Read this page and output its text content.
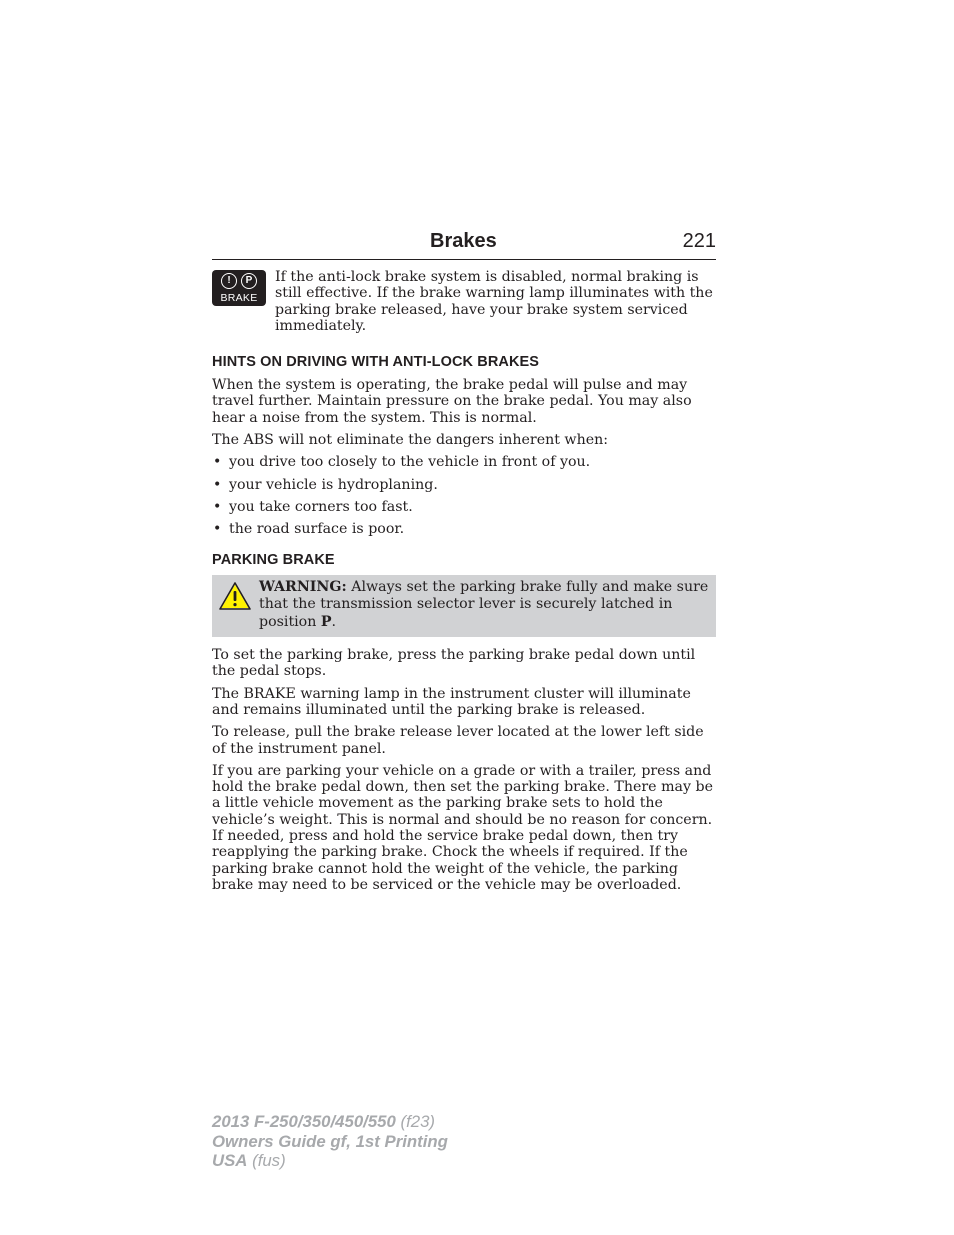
Brakes	221
! P
BRAKE

If the anti-lock brake system is disabled, normal braking is still effective. If the brake warning lamp illuminates with the parking brake released, have your brake system serviced immediately.

HINTS ON DRIVING WITH ANTI-LOCK BRAKES

When the system is operating, the brake pedal will pulse and may travel further. Maintain pressure on the brake pedal. You may also hear a noise from the system. This is normal.

The ABS will not eliminate the dangers inherent when:

• you drive too closely to the vehicle in front of you.
• your vehicle is hydroplaning.
• you take corners too fast.
• the road surface is poor.
PARKING BRAKE
WARNING: Always set the parking brake fully and make sure that the transmission selector lever is securely latched in position P.

To set the parking brake, press the parking brake pedal down until the pedal stops.

The BRAKE warning lamp in the instrument cluster will illuminate and remains illuminated until the parking brake is released.

To release, pull the brake release lever located at the lower left side of the instrument panel.

If you are parking your vehicle on a grade or with a trailer, press and hold the brake pedal down, then set the parking brake. There may be a little vehicle movement as the parking brake sets to hold the vehicle’s weight. This is normal and should be no reason for concern. If needed, press and hold the service brake pedal down, then try reapplying the parking brake. Chock the wheels if required. If the parking brake cannot hold the weight of the vehicle, the parking brake may need to be serviced or the vehicle may be overloaded.

2013 F-250/350/450/550 (f23)
Owners Guide gf, 1st Printing
USA (fus)
